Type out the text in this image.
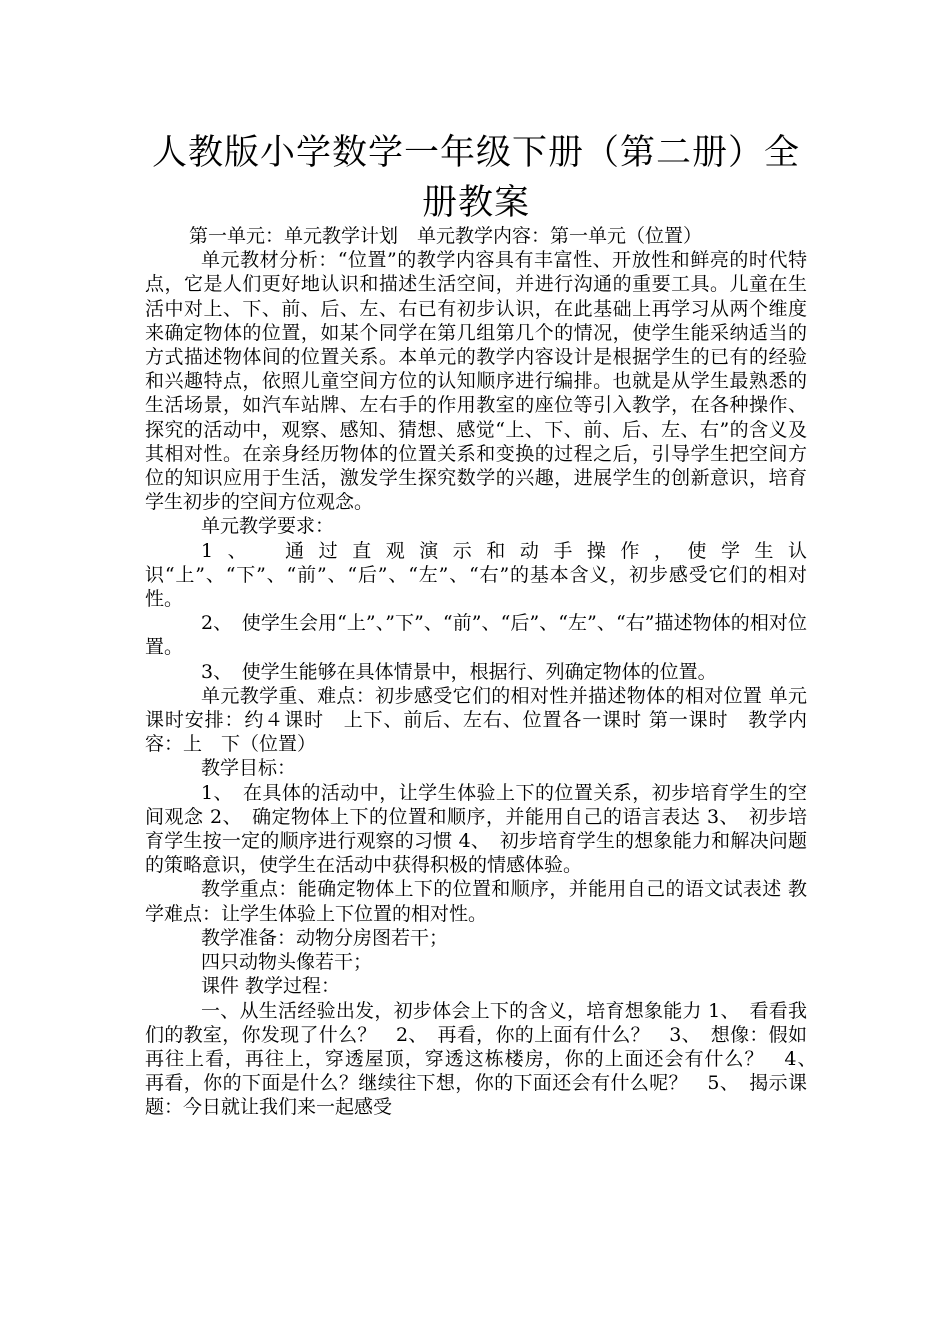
人教版小学数学一年级下册（第二册）全册教案

第一单元：单元教学计划　单元教学内容：第一单元（位置）

单元教材分析：“位置”的教学内容具有丰富性、开放性和鲜亮的时代特点，它是人们更好地认识和描述生活空间，并进行沟通的重要工具。儿童在生活中对上、下、前、后、左、右已有初步认识，在此基础上再学习从两个维度来确定物体的位置，如某个同学在第几组第几个的情况，使学生能采纳适当的方式描述物体间的位置关系。本单元的教学内容设计是根据学生的已有的经验和兴趣特点，依照儿童空间方位的认知顺序进行编排。也就是从学生最熟悉的生活场景，如汽车站牌、左右手的作用教室的座位等引入教学，在各种操作、探究的活动中，观察、感知、猜想、感觉“上、下、前、后、左、右”的含义及其相对性。在亲身经历物体的位置关系和变换的过程之后，引导学生把空间方位的知识应用于生活，激发学生探究数学的兴趣，进展学生的创新意识，培育学生初步的空间方位观念。

单元教学要求：

1、　通过直观演示和动手操作，使学生认识“上”、“下”、“前”、“后”、“左”、“右”的基本含义，初步感受它们的相对性。

2、　使学生会用“上”、”下”、“前”、“后”、“左”、“右”描述物体的相对位置。

3、　使学生能够在具体情景中，根据行、列确定物体的位置。

单元教学重、难点：初步感受它们的相对性并描述物体的相对位置 单元课时安排：约４课时　上下、前后、左右、位置各一课时 第一课时　教学内容：上　下（位置）

教学目标：

1、　在具体的活动中，让学生体验上下的位置关系，初步培育学生的空间观念 2、　确定物体上下的位置和顺序，并能用自己的语言表达 3、　初步培育学生按一定的顺序进行观察的习惯 4、　初步培育学生的想象能力和解决问题的策略意识，使学生在活动中获得积极的情感体验。

教学重点：能确定物体上下的位置和顺序，并能用自己的语文试表述 教学难点：让学生体验上下位置的相对性。

教学准备：动物分房图若干；

四只动物头像若干；

课件 教学过程：

一、从生活经验出发，初步体会上下的含义，培育想象能力 1、　看看我们的教室，你发现了什么？　2、　再看，你的上面有什么？　3、　想像：假如再往上看，再往上，穿透屋顶，穿透这栋楼房，你的上面还会有什么？　4、　再看，你的下面是什么？继续往下想，你的下面还会有什么呢？　5、　揭示课题：今日就让我们来一起感受
